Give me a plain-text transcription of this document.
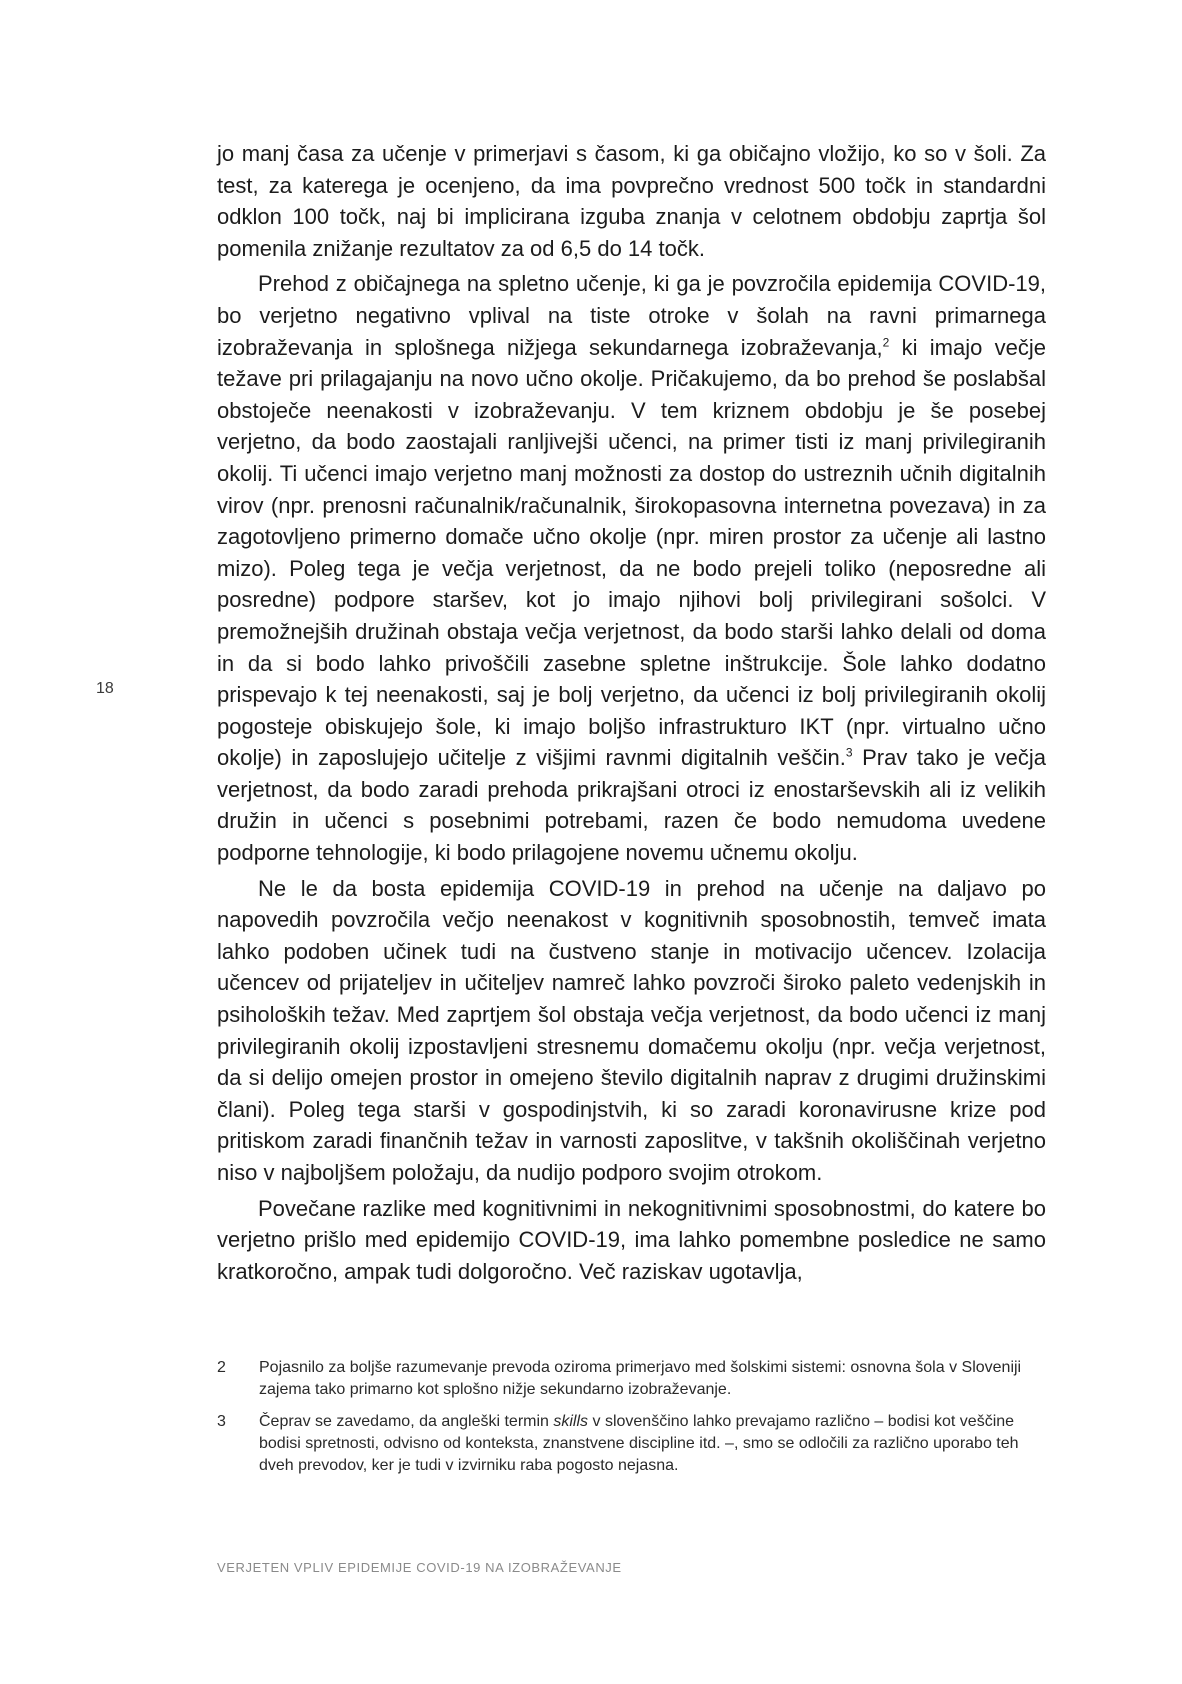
18

jo manj časa za učenje v primerjavi s časom, ki ga običajno vložijo, ko so v šoli. Za test, za katerega je ocenjeno, da ima povprečno vrednost 500 točk in standardni odklon 100 točk, naj bi implicirana izguba znanja v celotnem obdobju zaprtja šol pomenila znižanje rezultatov za od 6,5 do 14 točk.

Prehod z običajnega na spletno učenje, ki ga je povzročila epidemija COVID-19, bo verjetno negativno vplival na tiste otroke v šolah na ravni primarnega izobraževanja in splošnega nižjega sekundarnega izobraževanja,$^2$ ki imajo večje težave pri prilagajanju na novo učno okolje. Pričakujemo, da bo prehod še poslabšal obstoječe neenakosti v izobraževanju. V tem kriznem obdobju je še posebej verjetno, da bodo zaostajali ranljivejši učenci, na primer tisti iz manj privilegiranih okolij. Ti učenci imajo verjetno manj možnosti za dostop do ustreznih učnih digitalnih virov (npr. prenosni računalnik/računalnik, širokopasovna internetna povezava) in za zagotovljeno primerno domače učno okolje (npr. miren prostor za učenje ali lastno mizo). Poleg tega je večja verjetnost, da ne bodo prejeli toliko (neposredne ali posredne) podpore staršev, kot jo imajo njihovi bolj privilegirani sošolci. V premožnejših družinah obstaja večja verjetnost, da bodo starši lahko delali od doma in da si bodo lahko privoščili zasebne spletne inštrukcije. Šole lahko dodatno prispevajo k tej neenakosti, saj je bolj verjetno, da učenci iz bolj privilegiranih okolij pogosteje obiskujejo šole, ki imajo boljšo infrastrukturo IKT (npr. virtualno učno okolje) in zaposlujejo učitelje z višjimi ravnmi digitalnih veščin.$^3$ Prav tako je večja verjetnost, da bodo zaradi prehoda prikrajšani otroci iz enostarševskih ali iz velikih družin in učenci s posebnimi potrebami, razen če bodo nemudoma uvedene podporne tehnologije, ki bodo prilagojene novemu učnemu okolju.

Ne le da bosta epidemija COVID-19 in prehod na učenje na daljavo po napovedih povzročila večjo neenakost v kognitivnih sposobnostih, temveč imata lahko podoben učinek tudi na čustveno stanje in motivacijo učencev. Izolacija učencev od prijateljev in učiteljev namreč lahko povzroči široko paleto vedenjskih in psiholoških težav. Med zaprtjem šol obstaja večja verjetnost, da bodo učenci iz manj privilegiranih okolij izpostavljeni stresnemu domačemu okolju (npr. večja verjetnost, da si delijo omejen prostor in omejeno število digitalnih naprav z drugimi družinskimi člani). Poleg tega starši v gospodinjstvih, ki so zaradi koronavirusne krize pod pritiskom zaradi finančnih težav in varnosti zaposlitve, v takšnih okoliščinah verjetno niso v najboljšem položaju, da nudijo podporo svojim otrokom.

Povečane razlike med kognitivnimi in nekognitivnimi sposobnostmi, do katere bo verjetno prišlo med epidemijo COVID-19, ima lahko pomembne posledice ne samo kratkoročno, ampak tudi dolgoročno. Več raziskav ugotavlja,

2 Pojasnilo za boljše razumevanje prevoda oziroma primerjavo med šolskimi sistemi: osnovna šola v Sloveniji zajema tako primarno kot splošno nižje sekundarno izobraževanje.
3 Čeprav se zavedamo, da angleški termin skills v slovenščino lahko prevajamo različno – bodisi kot veščine bodisi spretnosti, odvisno od konteksta, znanstvene discipline itd. –, smo se odločili za različno uporabo teh dveh prevodov, ker je tudi v izvirniku raba pogosto nejasna.
VERJETEN VPLIV EPIDEMIJE COVID-19 NA IZOBRAŽEVANJE
